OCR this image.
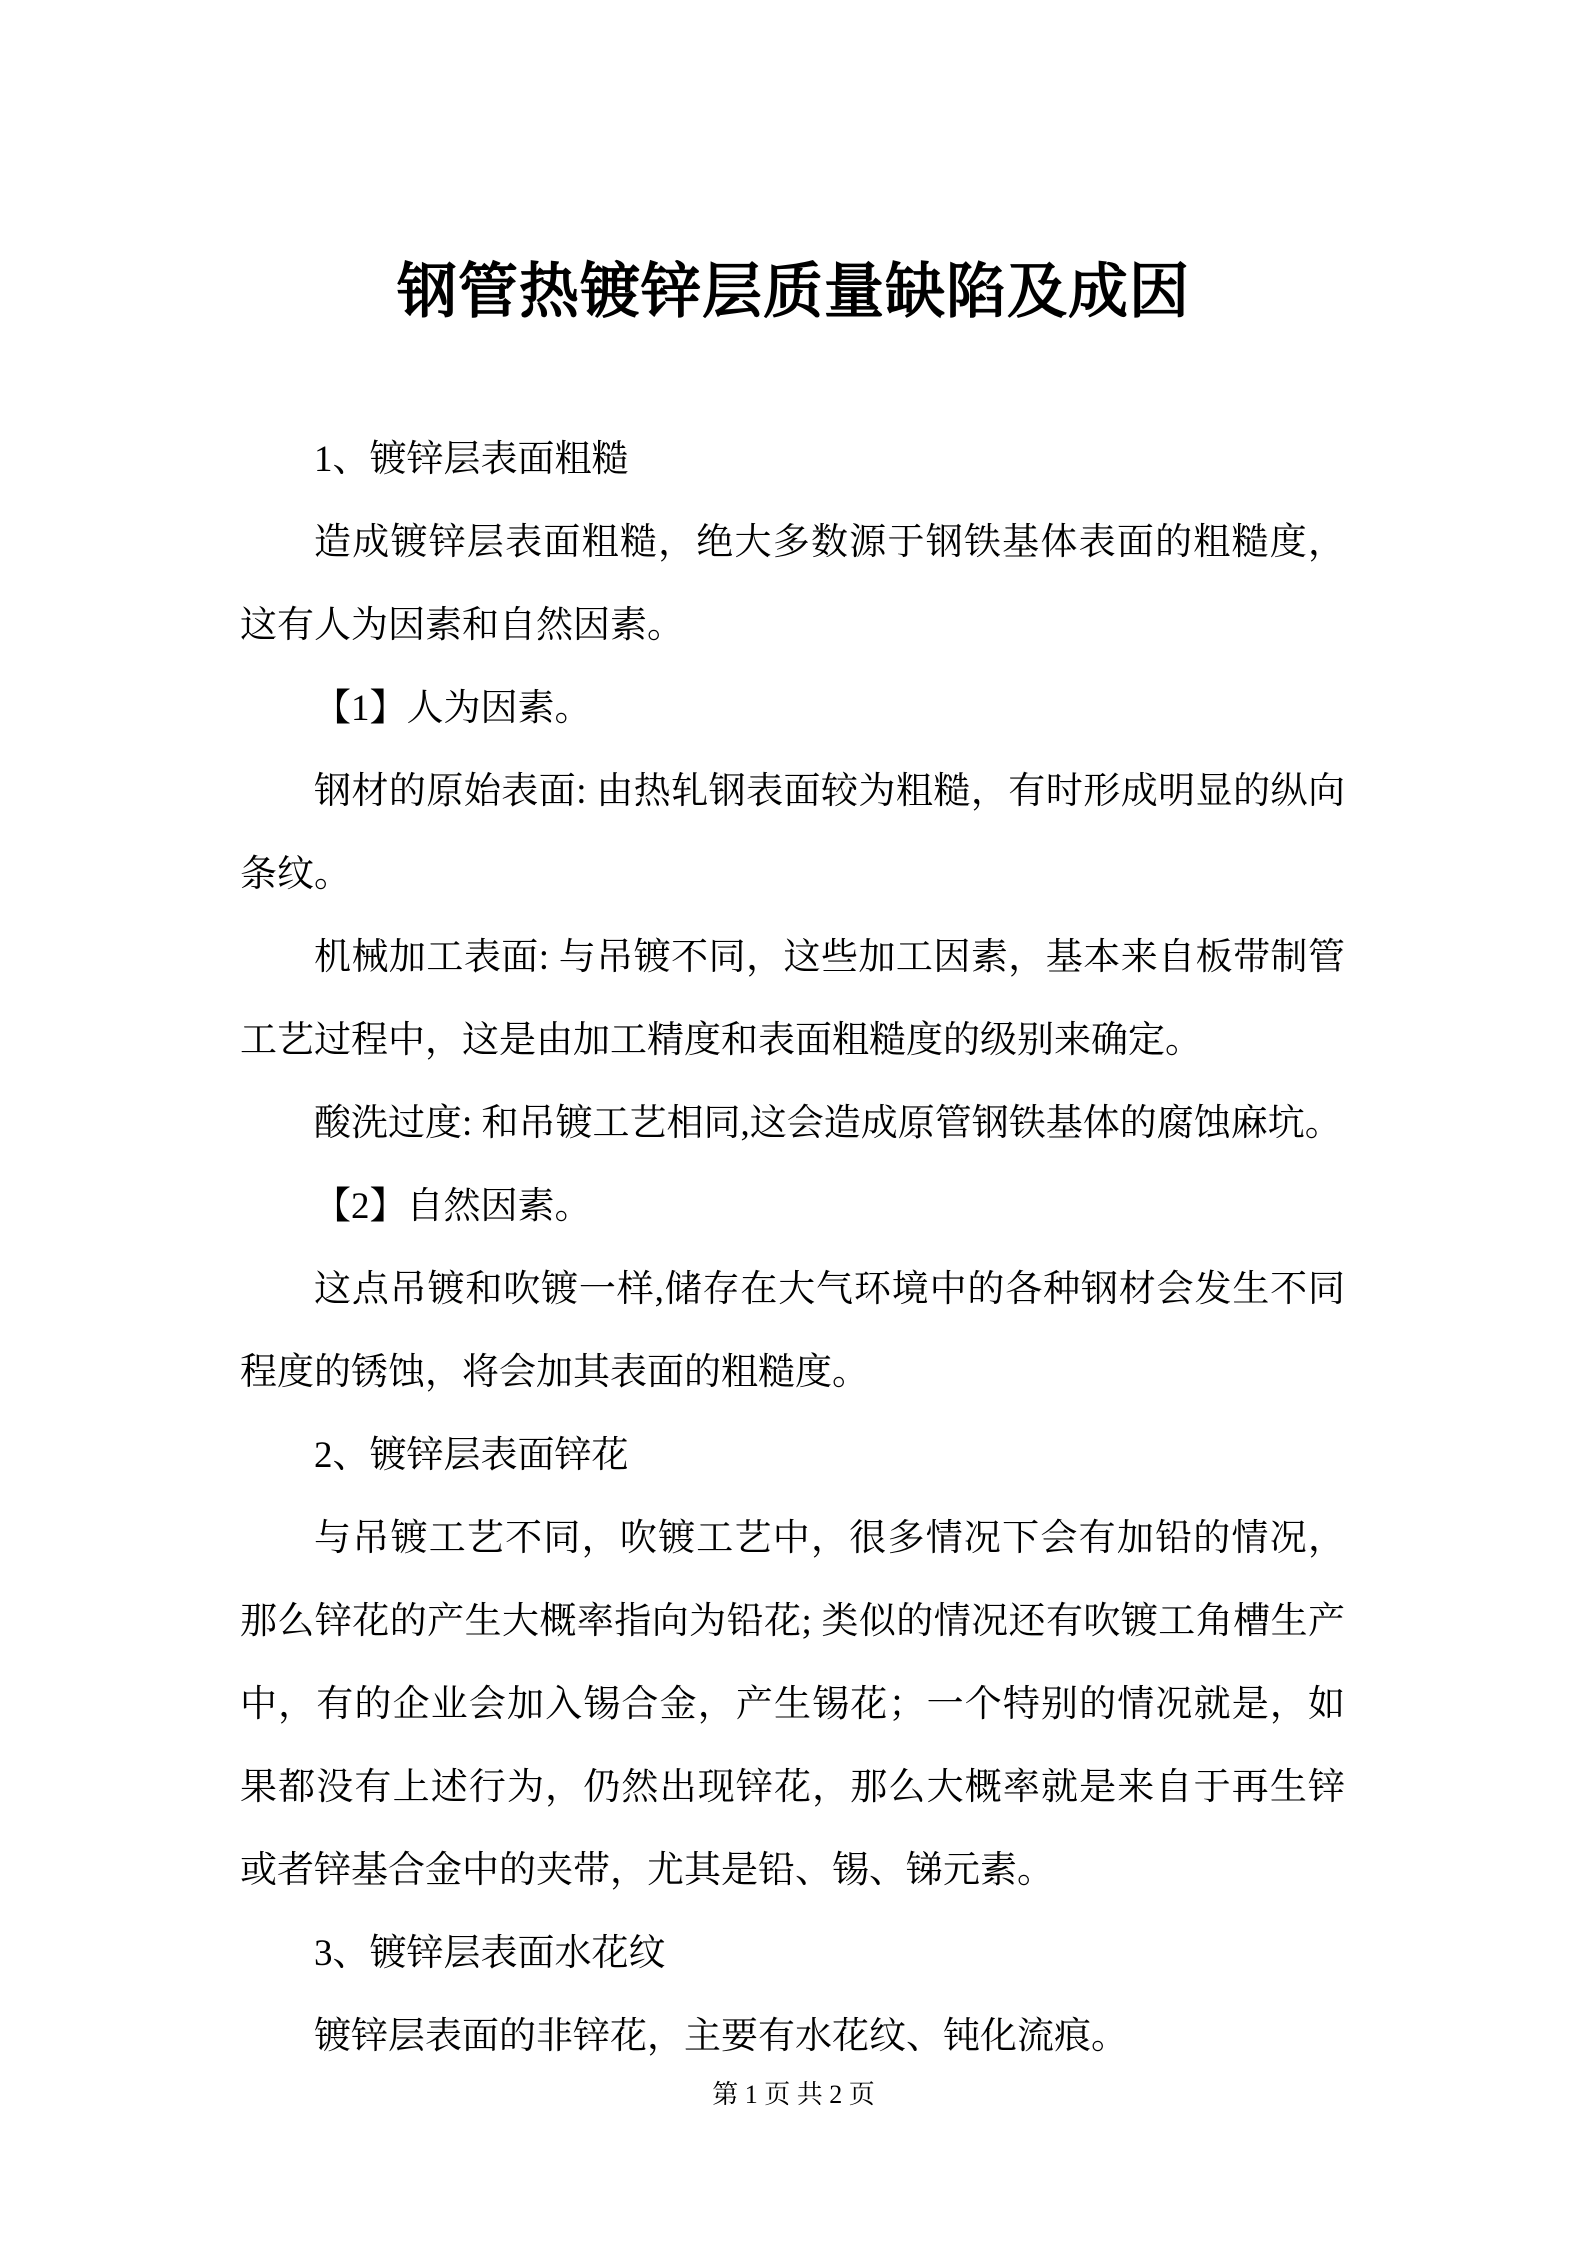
钢管热镀锌层质量缺陷及成因

1、镀锌层表面粗糙

造成镀锌层表面粗糙，绝大多数源于钢铁基体表面的粗糙度，这有人为因素和自然因素。

【1】人为因素。

钢材的原始表面: 由热轧钢表面较为粗糙，有时形成明显的纵向条纹。

机械加工表面: 与吊镀不同，这些加工因素，基本来自板带制管工艺过程中，这是由加工精度和表面粗糙度的级别来确定。

酸洗过度: 和吊镀工艺相同,这会造成原管钢铁基体的腐蚀麻坑。

【2】自然因素。

这点吊镀和吹镀一样,储存在大气环境中的各种钢材会发生不同程度的锈蚀，将会加其表面的粗糙度。

2、镀锌层表面锌花

与吊镀工艺不同，吹镀工艺中，很多情况下会有加铅的情况，那么锌花的产生大概率指向为铅花; 类似的情况还有吹镀工角槽生产中，有的企业会加入锡合金，产生锡花；一个特别的情况就是，如果都没有上述行为，仍然出现锌花，那么大概率就是来自于再生锌或者锌基合金中的夹带，尤其是铅、锡、锑元素。

3、镀锌层表面水花纹

镀锌层表面的非锌花，主要有水花纹、钝化流痕。

第 1 页 共 2 页
